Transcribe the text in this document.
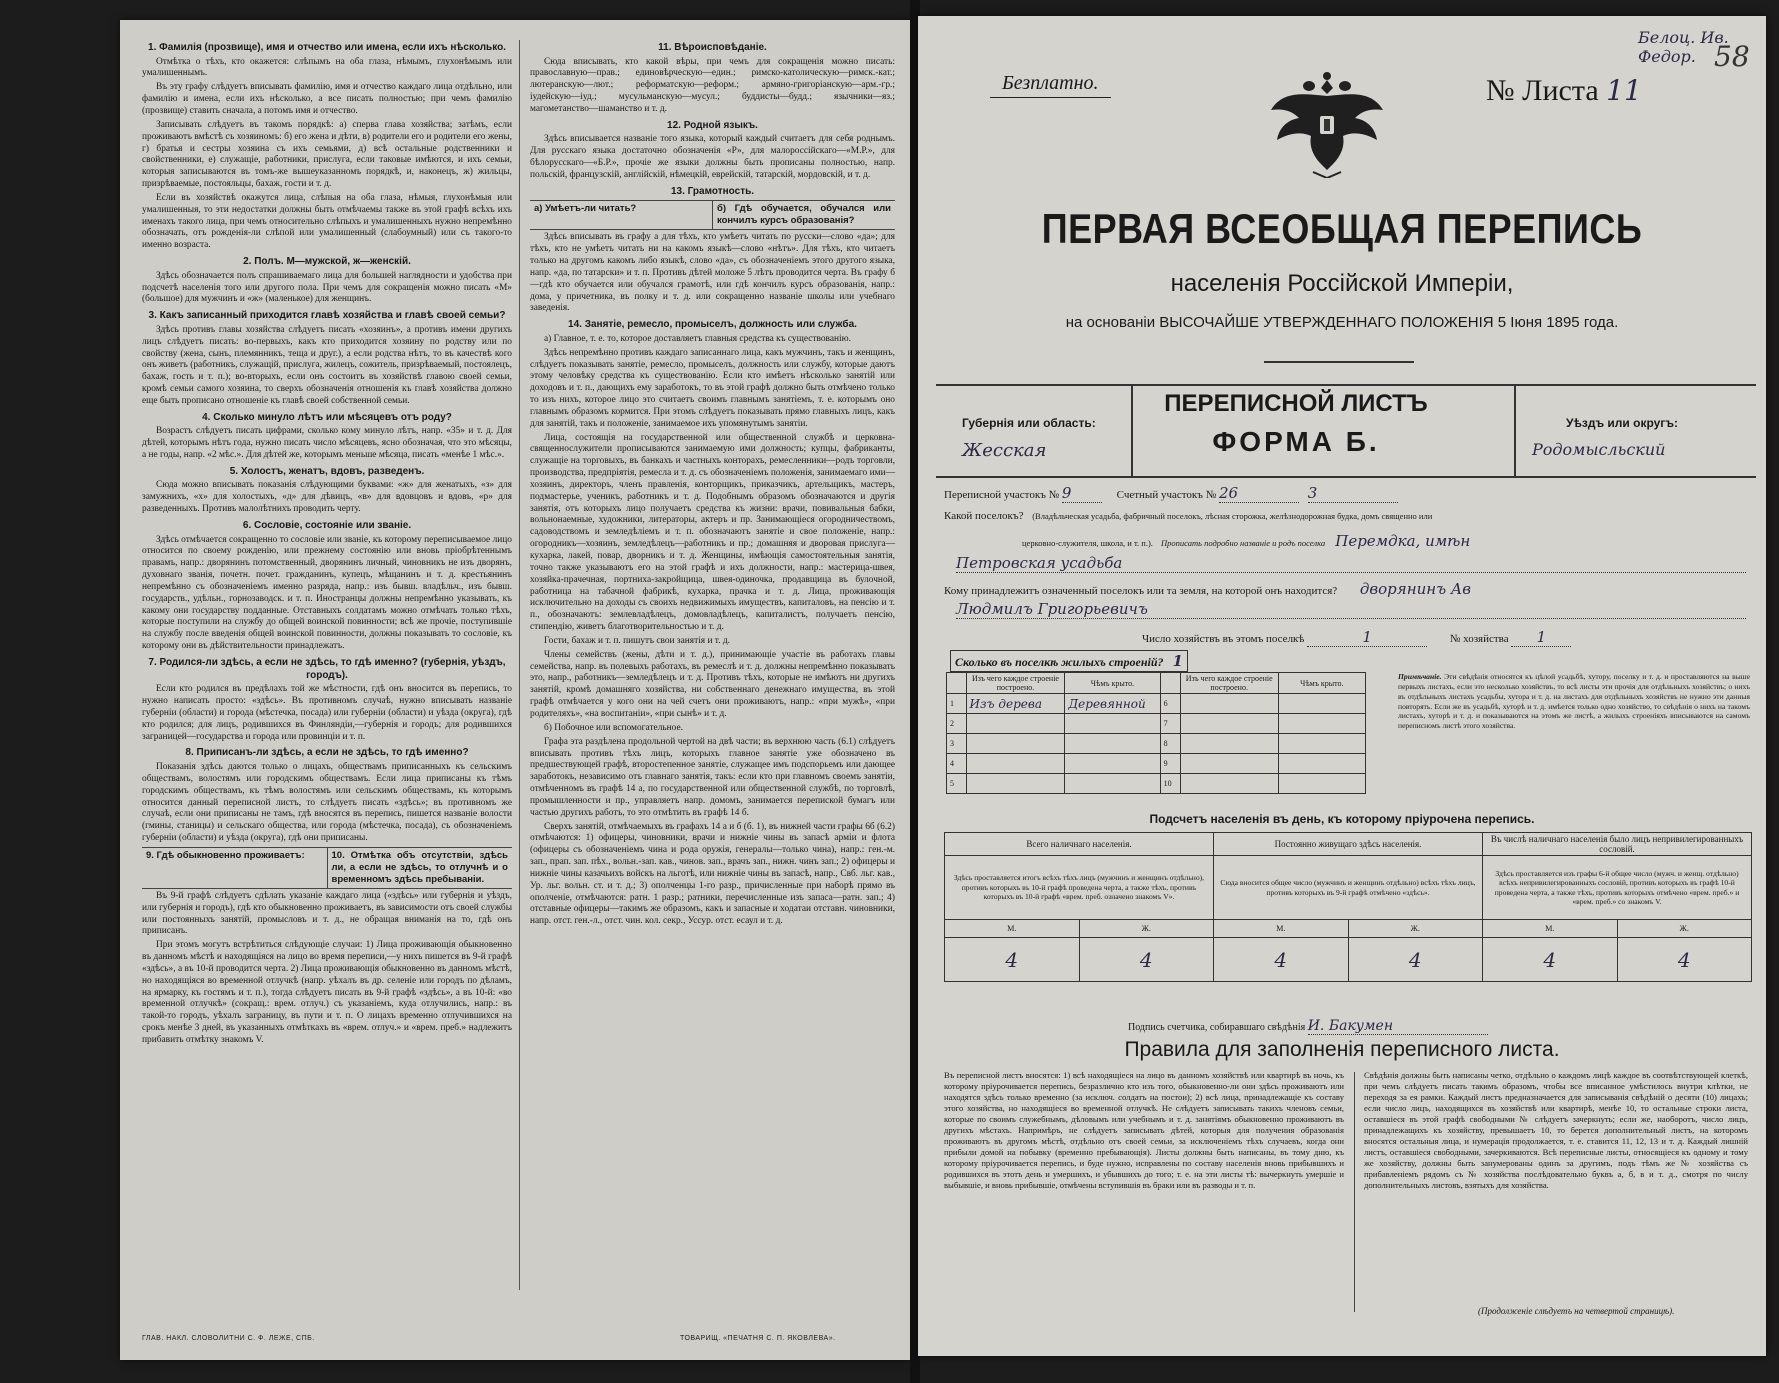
1. Фамилія (прозвище), имя и отчество или имена, если ихъ нѣсколько.
Отмѣтка о тѣхъ, кто окажется: слѣпымъ на оба глаза, нѣмымъ, глухонѣмымъ или умалишеннымъ.
Въ эту графу слѣдуетъ вписывать фамилію, имя и отчество каждаго лица отдѣльно, или фамилію и имена, если ихъ нѣсколько, а все писать полностью; при чемъ фамилію (прозвище) ставить сначала, а потомъ имя и отчество.
Записывать слѣдуетъ въ такомъ порядкѣ: а) сперва глава хозяйства; затѣмъ, если проживаютъ вмѣстѣ съ хозяиномъ: б) его жена и дѣти, в) родители его и родители его жены, г) братья и сестры хозяина съ ихъ семьями, д) всѣ остальные родственники и свойственники, е) служащіе, работники, прислуга, если таковые имѣются, и ихъ семьи, которыя записываются въ томъ-же вышеуказанномъ порядкѣ, и, наконецъ, ж) жильцы, призрѣваемые, постояльцы, бахаж, гости и т. д.
Если въ хозяйствѣ окажутся лица, слѣпыя на оба глаза, нѣмыя, глухонѣмыя или умалишенныя, то эти недостатки должны быть отмѣчаемы также въ этой графѣ всѣхъ ихъ именахъ такого лица, при чемъ относительно слѣпыхъ и умалишенныхъ нужно непремѣнно обозначать, отъ рожденія-ли слѣпой или умалишенный (слабоумный) или съ такого-то именно возраста.
2. Полъ. М—мужской, ж—женскій.
Здѣсь обозначается полъ спрашиваемаго лица для большей наглядности и удобства при подсчетѣ населенія того или другого пола. При чемъ для сокращенія можно писать «М» (большое) для мужчинъ и «ж» (маленькое) для женщинъ.
3. Какъ записанный приходится главѣ хозяйства и главѣ своей семьи?
Здѣсь противъ главы хозяйства слѣдуетъ писать «хозяинъ», а противъ имени другихъ лицъ слѣдуетъ писать: во-первыхъ, какъ кто приходится хозяину по родству или по свойству (жена, сынъ, племянникъ, теща и друг.), а если родства нѣтъ, то въ качествѣ кого онъ живетъ (работникъ, служащій, прислуга, жилецъ, сожитель, призрѣваемый, постоялецъ, бахаж, гость и т. п.); во-вторыхъ, если онъ состоитъ въ хозяйствѣ главою своей семьи, кромѣ семьи самого хозяина, то сверхъ обозначенія отношенія къ главѣ хозяйства должно еще быть прописано отношеніе къ главѣ своей собственной семьи.
4. Сколько минуло лѣтъ или мѣсяцевъ отъ роду?
Возрастъ слѣдуетъ писать цифрами, сколько кому минуло лѣтъ, напр. «35» и т. д. Для дѣтей, которымъ нѣтъ года, нужно писать число мѣсяцевъ, ясно обозначая, что это мѣсяцы, а не годы, напр. «2 мѣс.». Для дѣтей же, которымъ меньше мѣсяца, писать «менѣе 1 мѣс.».
5. Холостъ, женатъ, вдовъ, разведенъ.
Сюда можно вписывать показанія слѣдующими буквами: «ж» для женатыхъ, «з» для замужнихъ, «х» для холостыхъ, «д» для дѣвицъ, «в» для вдовцовъ и вдовъ, «р» для разведенныхъ. Противъ малолѣтнихъ проводить черту.
6. Сословіе, состояніе или званіе.
Здѣсь отмѣчается сокращенно то сословіе или званіе, къ которому переписываемое лицо относится по своему рожденію, или прежнему состоянію или вновь пріобрѣтеннымъ правамъ, напр.: дворянинъ потомственный, дворянинъ личный, чиновникъ не изъ дворянъ, духовнаго званія, почетн. почет. гражданинъ, купецъ, мѣщанинъ и т. д. крестьянинъ непремѣнно съ обозначеніемъ именно разряда, напр.: изъ бывш. владѣльч., изъ бывш. государств., удѣльн., горнозаводск. и т. п. Иностранцы должны непремѣнно указывать, къ какому они государству подданные. Отставныхъ солдатамъ можно отмѣчать только тѣхъ, которые поступили на службу до общей воинской повинности; всѣ же прочіе, поступившіе на службу после введенія общей воинской повинности, должны показывать то сословіе, къ которому они въ дѣйствительности принадлежатъ.
7. Родился-ли здѣсь, а если не здѣсь, то гдѣ именно? (губернія, уѣздъ, городъ).
Если кто родился въ предѣлахъ той же мѣстности, гдѣ онъ вносится въ перепись, то нужно написать просто: «здѣсь». Въ противномъ случаѣ, нужно вписывать названіе губерніи (области) и города (мѣстечка, посада) или губерніи (области) и уѣзда (округа), гдѣ кто родился; для лицъ, родившихся въ Финляндіи,—губернія и городъ; для родившихся заграницей—государства и города или провинціи и т. п.
8. Приписанъ-ли здѣсь, а если не здѣсь, то гдѣ именно?
Показанія здѣсь даются только о лицахъ, обществамъ приписанныхъ къ сельскимъ обществамъ, волостямъ или городскимъ обществамъ. Если лица приписаны къ тѣмъ городскимъ обществамъ, къ тѣмъ волостямъ или сельскимъ обществамъ, къ которымъ относится данный переписной листъ, то слѣдуетъ писать «здѣсь»; въ противномъ же случаѣ, если они приписаны не тамъ, гдѣ вносятся въ перепись, пишется названіе волости (гмины, станицы) и сельскаго общества, или города (мѣстечка, посада), съ обозначеніемъ губерніи (области) и уѣзда (округа), гдѣ они приписаны.
9. Гдѣ обыкновенно проживаетъ:	10. Отмѣтка объ отсутствіи, здѣсь ли, а если не здѣсь, то отлучнѣ и о временномъ здѣсь пребываніи.
Въ 9-й графѣ слѣдуетъ сдѣлать указаніе каждаго лица («здѣсь» или губернія и уѣздъ, или губернія и городъ), гдѣ кто обыкновенно проживаетъ, въ зависимости отъ своей службы или постоянныхъ занятій, промысловъ и т. д., не обращая вниманія на то, гдѣ онъ приписанъ.
При этомъ могутъ встрѣтиться слѣдующіе случаи: 1) Лица проживающія обыкновенно въ данномъ мѣстѣ и находящіяся на лицо во время переписи,—у нихъ пишется въ 9-й графѣ «здѣсь», а въ 10-й проводится черта. 2) Лица проживающія обыкновенно въ данномъ мѣстѣ, но находящіяся во временной отлучкѣ (напр. уѣхалъ въ др. селеніе или городъ по дѣламъ, на ярмарку, къ гостямъ и т. п.), тогда слѣдуетъ писать въ 9-й графѣ «здѣсь», а въ 10-й: «во временной отлучкѣ» (сокращ.: врем. отлуч.) съ указаніемъ, куда отлучились, напр.: въ такой-то городъ, уѣхалъ заграницу, въ пути и т. п. О лицахъ временно отлучившихся на срокъ менѣе 3 дней, въ указанныхъ отмѣткахъ въ «врем. отлуч.» и «врем. преб.» надлежитъ прибавить отмѣтку знакомъ V.
11. Вѣроисповѣданіе.
Сюда вписывать, кто какой вѣры, при чемъ для сокращенія можно писать: православную—прав.; единовѣрческую—един.; римско-католическую—римск.-кат.; лютеранскую—лют.; реформатскую—реформ.; армяно-григоріанскую—арм.-гр.; іудейскую—іуд.; мусульманскую—мусул.; буддисты—будд.; язычники—яз.; магометанство—шаманство и т. д.
12. Родной языкъ.
Здѣсь вписывается названіе того языка, который каждый считаетъ для себя роднымъ. Для русскаго языка достаточно обозначенія «Р», для малороссійскаго—«М.Р.», для бѣлорусскаго—«Б.Р.», прочіе же языки должны быть прописаны полностью, напр. польскій, французскій, англійскій, нѣмецкій, еврейскій, татарскій, мордовскій, и т. д.
13. Грамотность.
а) Умѣетъ-ли читать?	б) Гдѣ обучается, обучался или кончилъ курсъ образованія?
Здѣсь вписывать въ графу а для тѣхъ, кто умѣетъ читать по русски—слово «да»; для тѣхъ, кто не умѣетъ читать ни на какомъ языкѣ—слово «нѣтъ». Для тѣхъ, кто читаетъ только на другомъ какомъ либо языкѣ, слово «да», съ обозначеніемъ этого другого языка, напр. «да, по татарски» и т. п. Противъ дѣтей моложе 5 лѣтъ проводится черта. Въ графу б—гдѣ кто обучается или обучался грамотѣ, или гдѣ кончилъ курсъ образованія, напр.: дома, у причетника, въ полку и т. д. или сокращенно названіе школы или учебнаго заведенія.
14. Занятіе, ремесло, промыселъ, должность или служба.
а) Главное, т. е. то, которое доставляетъ главныя средства къ существованію.
Здѣсь непремѣнно противъ каждаго записаннаго лица, какъ мужчинъ, такъ и женщинъ, слѣдуетъ показывать занятіе, ремесло, промыселъ, должность или службу, которые даютъ этому человѣку средства къ существованію. Если кто имѣетъ нѣсколько занятій или доходовъ и т. п., дающихъ ему заработокъ, то въ этой графѣ должно быть отмѣчено только то изъ нихъ, которое лицо это считаетъ своимъ главнымъ занятіемъ, т. е. которымъ оно главнымъ образомъ кормится. При этомъ слѣдуетъ показывать прямо главныхъ лицъ, какъ для занятій, такъ и положеніе, занимаемое ихъ упомянутымъ занятіи.
Лица, состоящія на государственной или общественной службѣ и церковна-священнослужители прописываются занимаемую ими должность; купцы, фабриканты, служащіе на торговыхъ, въ банкахъ и частныхъ конторахъ, ремесленники—родъ торговли, производства, предпріятія, ремесла и т. д. съ обозначеніемъ положенія, занимаемаго ими—хозяинъ, директоръ, членъ правленія, конторщикъ, приказчикъ, артельщикъ, мастеръ, подмастерье, ученикъ, работникъ и т. д. Подобнымъ образомъ обозначаются и другія занятія, отъ которыхъ лицо получаетъ средства къ жизни: врачи, повивальныя бабки, вольнонаемные, художники, литераторы, актеръ и пр. Занимающіеся огородничествомъ, садоводствомъ и земледѣліемъ и т. п. обозначаютъ занятіе и свое положеніе, напр.: огородникъ—хозяинъ, земледѣлецъ—работникъ и пр.; домашняя и дворовая прислуга—кухарка, лакей, повар, дворникъ и т. д. Женщины, имѣющія самостоятельныя занятія, точно также указываютъ его на этой графѣ и ихъ должности, напр.: мастерица-швея, хозяйка-прачечная, портниха-закройщица, швея-одиночка, продавщица въ булочной, работница на табачной фабрикѣ, кухарка, прачка и т. д. Лица, проживающія исключительно на доходы съ своихъ недвижимыхъ имуществъ, капиталовъ, на пенсію и т. п., обозначаютъ: землевладѣлецъ, домовладѣлецъ, капиталистъ, получаетъ пенсію, стипендію, живетъ благотворительностью и т. д.
Гости, бахаж и т. п. пишутъ свои занятія и т. д.
Члены семействъ (жены, дѣти и т. д.), принимающіе участіе въ работахъ главы семейства, напр. въ полевыхъ работахъ, въ ремеслѣ и т. д. должны непремѣнно показывать это, напр., работникъ—земледѣлецъ и т. д. Противъ тѣхъ, которые не имѣютъ ни другихъ занятій, кромѣ домашняго хозяйства, ни собственнаго денежнаго имущества, въ этой графѣ отмѣчается у кого они на чей счетъ они проживаютъ, напр.: «при мужѣ», «при родителяхъ», «на воспитаніи», «при сынѣ» и т. д.
б) Побочное или вспомогательное.
Графа эта раздѣлена продольной чертой на двѣ части; въ верхнюю часть (6.1) слѣдуетъ вписывать противъ тѣхъ лицъ, которыхъ главное занятіе уже обозначено въ предшествующей графѣ, второстепенное занятіе, служащее имъ подспорьемъ или дающее заработокъ, независимо отъ главнаго занятія, такъ: если кто при главномъ своемъ занятіи, отмѣченномъ въ графѣ 14 а, по государственной или общественной службѣ, по торговлѣ, промышленности и пр., управляетъ напр. домомъ, занимается перепиской бумагъ или частью другихъ работъ, то это отмѣтить въ графѣ 14 б.
Сверхъ занятій, отмѣчаемыхъ въ графахъ 14 а и б (б. 1), въ нижней части графы 6б (6.2) отмѣчаются: 1) офицеры, чиновники, врачи и нижніе чины въ запасѣ арміи и флота (офицеры съ обозначеніемъ чина и рода оружія, генералы—только чина), напр.: ген.-м. зап., прап. зап. пѣх., вольн.-зап. кав., чинов. зап., врачъ зап., нижн. чинъ зап.; 2) офицеры и нижніе чины казачьихъ войскъ на льготѣ, или нижніе чины въ запасѣ, напр., Свб. льг. кав., Ур. льг. вольн. ст. и т. д.; 3) ополченцы 1-го разр., причисленные при наборѣ прямо въ ополченіе, отмѣчаются: ратн. 1 разр.; ратники, перечисленные изъ запаса—ратн. зап.; 4) отставные офицеры—такимъ же образомъ, какъ и запасные и ходатаи отставн. чиновники, напр. отст. ген.-л., отст. чин. кол. секр., Уссур. отст. есаул и т. д.
ГЛАВ. НАКЛ. СЛОВОЛИТНИ С. Ф. ЛЕЖЕ, СПБ.	ТОВАРИЩ. «ПЕЧАТНЯ С. П. ЯКОВЛЕВА».
Белоц. Ив. Федор. 58
Безплатно.	№ Листа 11
ПЕРВАЯ ВСЕОБЩАЯ ПЕРЕПИСЬ
населенія Россійской Имперіи,
на основаніи ВЫСОЧАЙШЕ УТВЕРЖДЕННАГО ПОЛОЖЕНІЯ 5 Іюня 1895 года.
Губернія или область:
Жесская
ПЕРЕПИСНОЙ ЛИСТЪ
ФОРМА Б.
Уѣздъ или округъ:
Родомысльский
Переписной участокъ № 9	Счетный участокъ № 26	3
Какой поселокъ? (Владѣльческая усадьба, фабричный поселокъ, лѣсная сторожка, желѣзнодорожная будка, домъ священно или
церковно-служителя, школа, и т. п.). Прописать подробно названіе и родъ поселка Перемдка, имѣн
Петровская усадьба
Кому принадлежитъ означенный поселокъ или та земля, на которой онъ находится? дворянинъ Ав
Людмилъ Григорьевичъ
Число хозяйствъ въ этомъ поселкѣ	1	№ хозяйства 1
Сколько въ поселкѣ жилыхъ строеній? 1
	Изъ чего каждое строеніе построено.	Чѣмъ крыто.		Изъ чего каждое строеніе построено.	Чѣмъ крыто.
1	Изъ дерева	Деревянной	6		
2			7		
3			8		
4			9		
5			10		
Примѣчаніе. Эти свѣдѣнія относятся къ цѣлой усадьбѣ, хутору, поселку и т. д. и проставляются на выше первыхъ листахъ, если это несколько хозяйствъ, то всѣ листы эти прочія для отдѣльныхъ хозяйствъ; о нихъ въ отдѣльныхъ листахъ усадьбы, хутора и т. д. на листахъ для отдѣльныхъ хозяйствъ не нужно эти данныя повторять. Если же въ усадьбѣ, хуторѣ и т. д. имѣется только одно хозяйство, то свѣдѣнія о нихъ на такомъ листахъ, хуторѣ и т. д. и показываются на этомъ же листѣ, а жилыхъ строеніяхъ вписываются на самомъ переписномъ листѣ этого хозяйства.
Подсчетъ населенія въ день, къ которому пріурочена перепись.
Всего наличнаго населенія.		Постоянно живущаго здѣсь населенія.		Въ числѣ наличнаго населенія было лицъ непривилегированныхъ сословій.	
Здѣсь проставляется итогъ всѣхъ тѣхъ лицъ (мужчинъ и женщинъ отдѣльно), противъ которыхъ въ 10-й графѣ проведена черта, а также тѣхъ, противъ которыхъ въ 10-й графѣ «врем. преб. означено знакомъ V».		Сюда вносится общее число (мужчинъ и женщинъ отдѣльно) всѣхъ тѣхъ лицъ, противъ которыхъ въ 9-й графѣ отмѣчено «здѣсь».		Здѣсь проставляется изъ графы 6-й общее число (мужч. и женщ. отдѣльно) всѣхъ непривилегированныхъ сословій, противъ которыхъ въ графѣ 10-й проведена черта, а также тѣхъ, противъ которыхъ отмѣчено «врем. преб.» и «врем. преб.» со знакомъ V.	
М.	Ж.	М.	Ж.	М.	Ж.
4	4	4	4	4	4
Подпись счетчика, собиравшаго свѣдѣнія И. Бакумен
Правила для заполненія переписного листа.
Въ переписной листъ вносятся: 1) всѣ находящіеся на лицо въ данномъ хозяйствѣ или квартирѣ въ ночь, къ которому пріурочивается перепись, безразлично кто изъ того, обыкновенно-ли они здѣсь проживаютъ или находятся здѣсь только временно (за исключ. солдатъ на постои); 2) всѣ лица, принадлежащіе къ составу этого хозяйства, но находящіеся во временной отлучкѣ. Не слѣдуетъ записывать такихъ членовъ семьи, которые по своимъ служебнымъ, дѣловымъ или учебнымъ и т. д. занятіямъ обыкновенно проживаютъ въ другихъ мѣстахъ. Напримѣръ, не слѣдуетъ записывать дѣтей, которыя для получения образованія проживаютъ въ другомъ мѣстѣ, отдѣльно отъ своей семьи, за исключеніемъ тѣхъ случаевъ, когда они прибыли домой на побывку (временно пребывающія). Листы должны быть написаны, въ тому дню, къ которому пріурочивается перепись, и буде нужно, исправлены по составу населенія вновь прибывшихъ и родившихся въ этотъ день и умершихъ, и убывшихъ до того; т. е. на эти листы тѣ: вычеркнуть умершіе и выбывшіе, и вновь прибывшіе, отмѣчены вступившія въ браки или въ разводы и т. п.
Свѣдѣнія должны быть написаны четко, отдѣльно о каждомъ лицѣ каждое въ соотвѣтствующей клеткѣ, при чемъ слѣдуетъ писать такимъ образомъ, чтобы все вписанное умѣстилось внутри клѣтки, не переходя за ея рамки. Каждый листъ предназначается для записыванія свѣдѣній о десяти (10) лицахъ; если число лицъ, находящихся въ хозяйствѣ или квартирѣ, менѣе 10, то остальные строки листа, оставшіеся въ этой графѣ свободными № слѣдуетъ зачеркнуть; если же, наоборотъ, число лицъ, принадлежащихъ къ хозяйству, превышаетъ 10, то берется дополнительный листъ, на которомъ вносятся остальныя лица, и нумерація продолжается, т. е. ставится 11, 12, 13 и т. д. Каждый лишній листъ, оставшіеся свободными, зачеркиваются. Всѣ переписные листы, относящіеся къ одному и тому же хозяйству, должны быть занумерованы одинъ за другимъ, подъ тѣмъ же № хозяйства съ прибавленіемъ рядомъ съ № хозяйства послѣдовательно буквъ а, б, в и т. д., смотря по числу дополнительныхъ листовъ, взятыхъ для хозяйства.
(Продолженіе слѣдуетъ на четвертой страницѣ).
